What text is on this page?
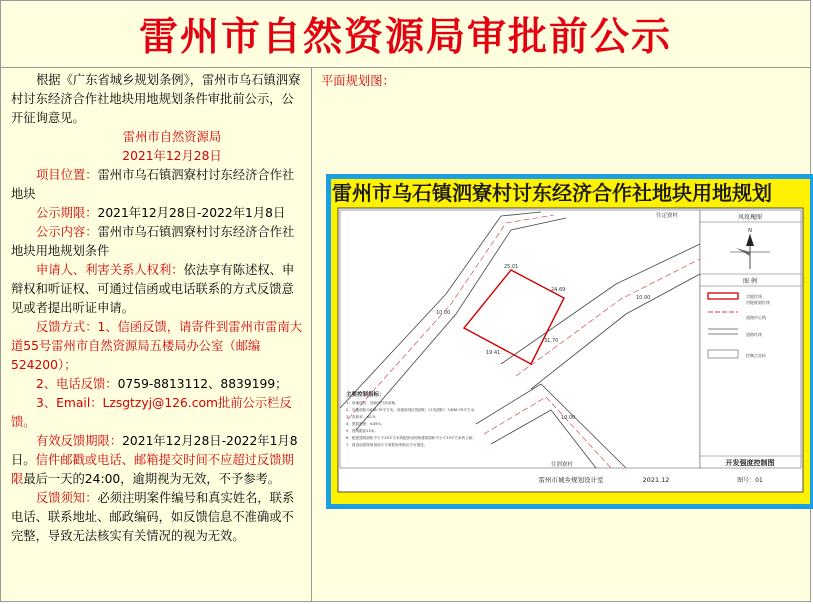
雷州市自然资源局审批前公示

根据《广东省城乡规划条例》，雷州市乌石镇泗寮村讨东经济合作社地块用地规划条件审批前公示，公开征询意见。

雷州市自然资源局

2021年12月28日

项目位置：雷州市乌石镇泗寮村讨东经济合作社地块

公示期限：2021年12月28日-2022年1月8日

公示内容：雷州市乌石镇泗寮村讨东经济合作社地块用地规划条件

申请人、利害关系人权利：依法享有陈述权、申辩权和听证权、可通过信函或电话联系的方式反馈意见或者提出听证申请。

反馈方式：1、信函反馈，请寄件到雷州市雷南大道55号雷州市自然资源局五楼局办公室（邮编524200）；

2、电话反馈：0759-8813112、8839199；

3、Email：Lzsgtzyj@126.com批前公示栏反馈。

有效反馈期限：2021年12月28日-2022年1月8日。信件邮戳或电话、邮箱提交时间不应超过反馈期限最后一天的24:00，逾期视为无效，不予参考。

反馈须知：必须注明案件编号和真实姓名，联系电话、联系地址、邮政编码，如反馈信息不准确或不完整，导致无法核实有关情况的视为无效。

平面规划图：
雷州市乌石镇泗寮村讨东经济合作社地块用地规划
25.01
24.69
31.70
19.41
10.00
10.00
10.00
往定寮村
往泗寮村
主要控制指标：
1、用地性质：加油加气站用地；
2、宗地面积为638.79平方米。用地规划红线面积（计容面积）为638.79平方米；
3、容积率：≤0.5；
4、建筑密度：≤35%；
5、建筑限高15米；
6、配建建筑面积不小于15平方米的配套用房和建筑面积不小于15平方米的公厕；
7、建设前须按规划设计方案报规审批后方可建设。
风玫瑰图
N
图 例
宗地红线
用地规划红线
道路中心线
道路红线
控制点坐标
开发强度控制图
雷州市城乡规划设计室	2021.12	图号：01
